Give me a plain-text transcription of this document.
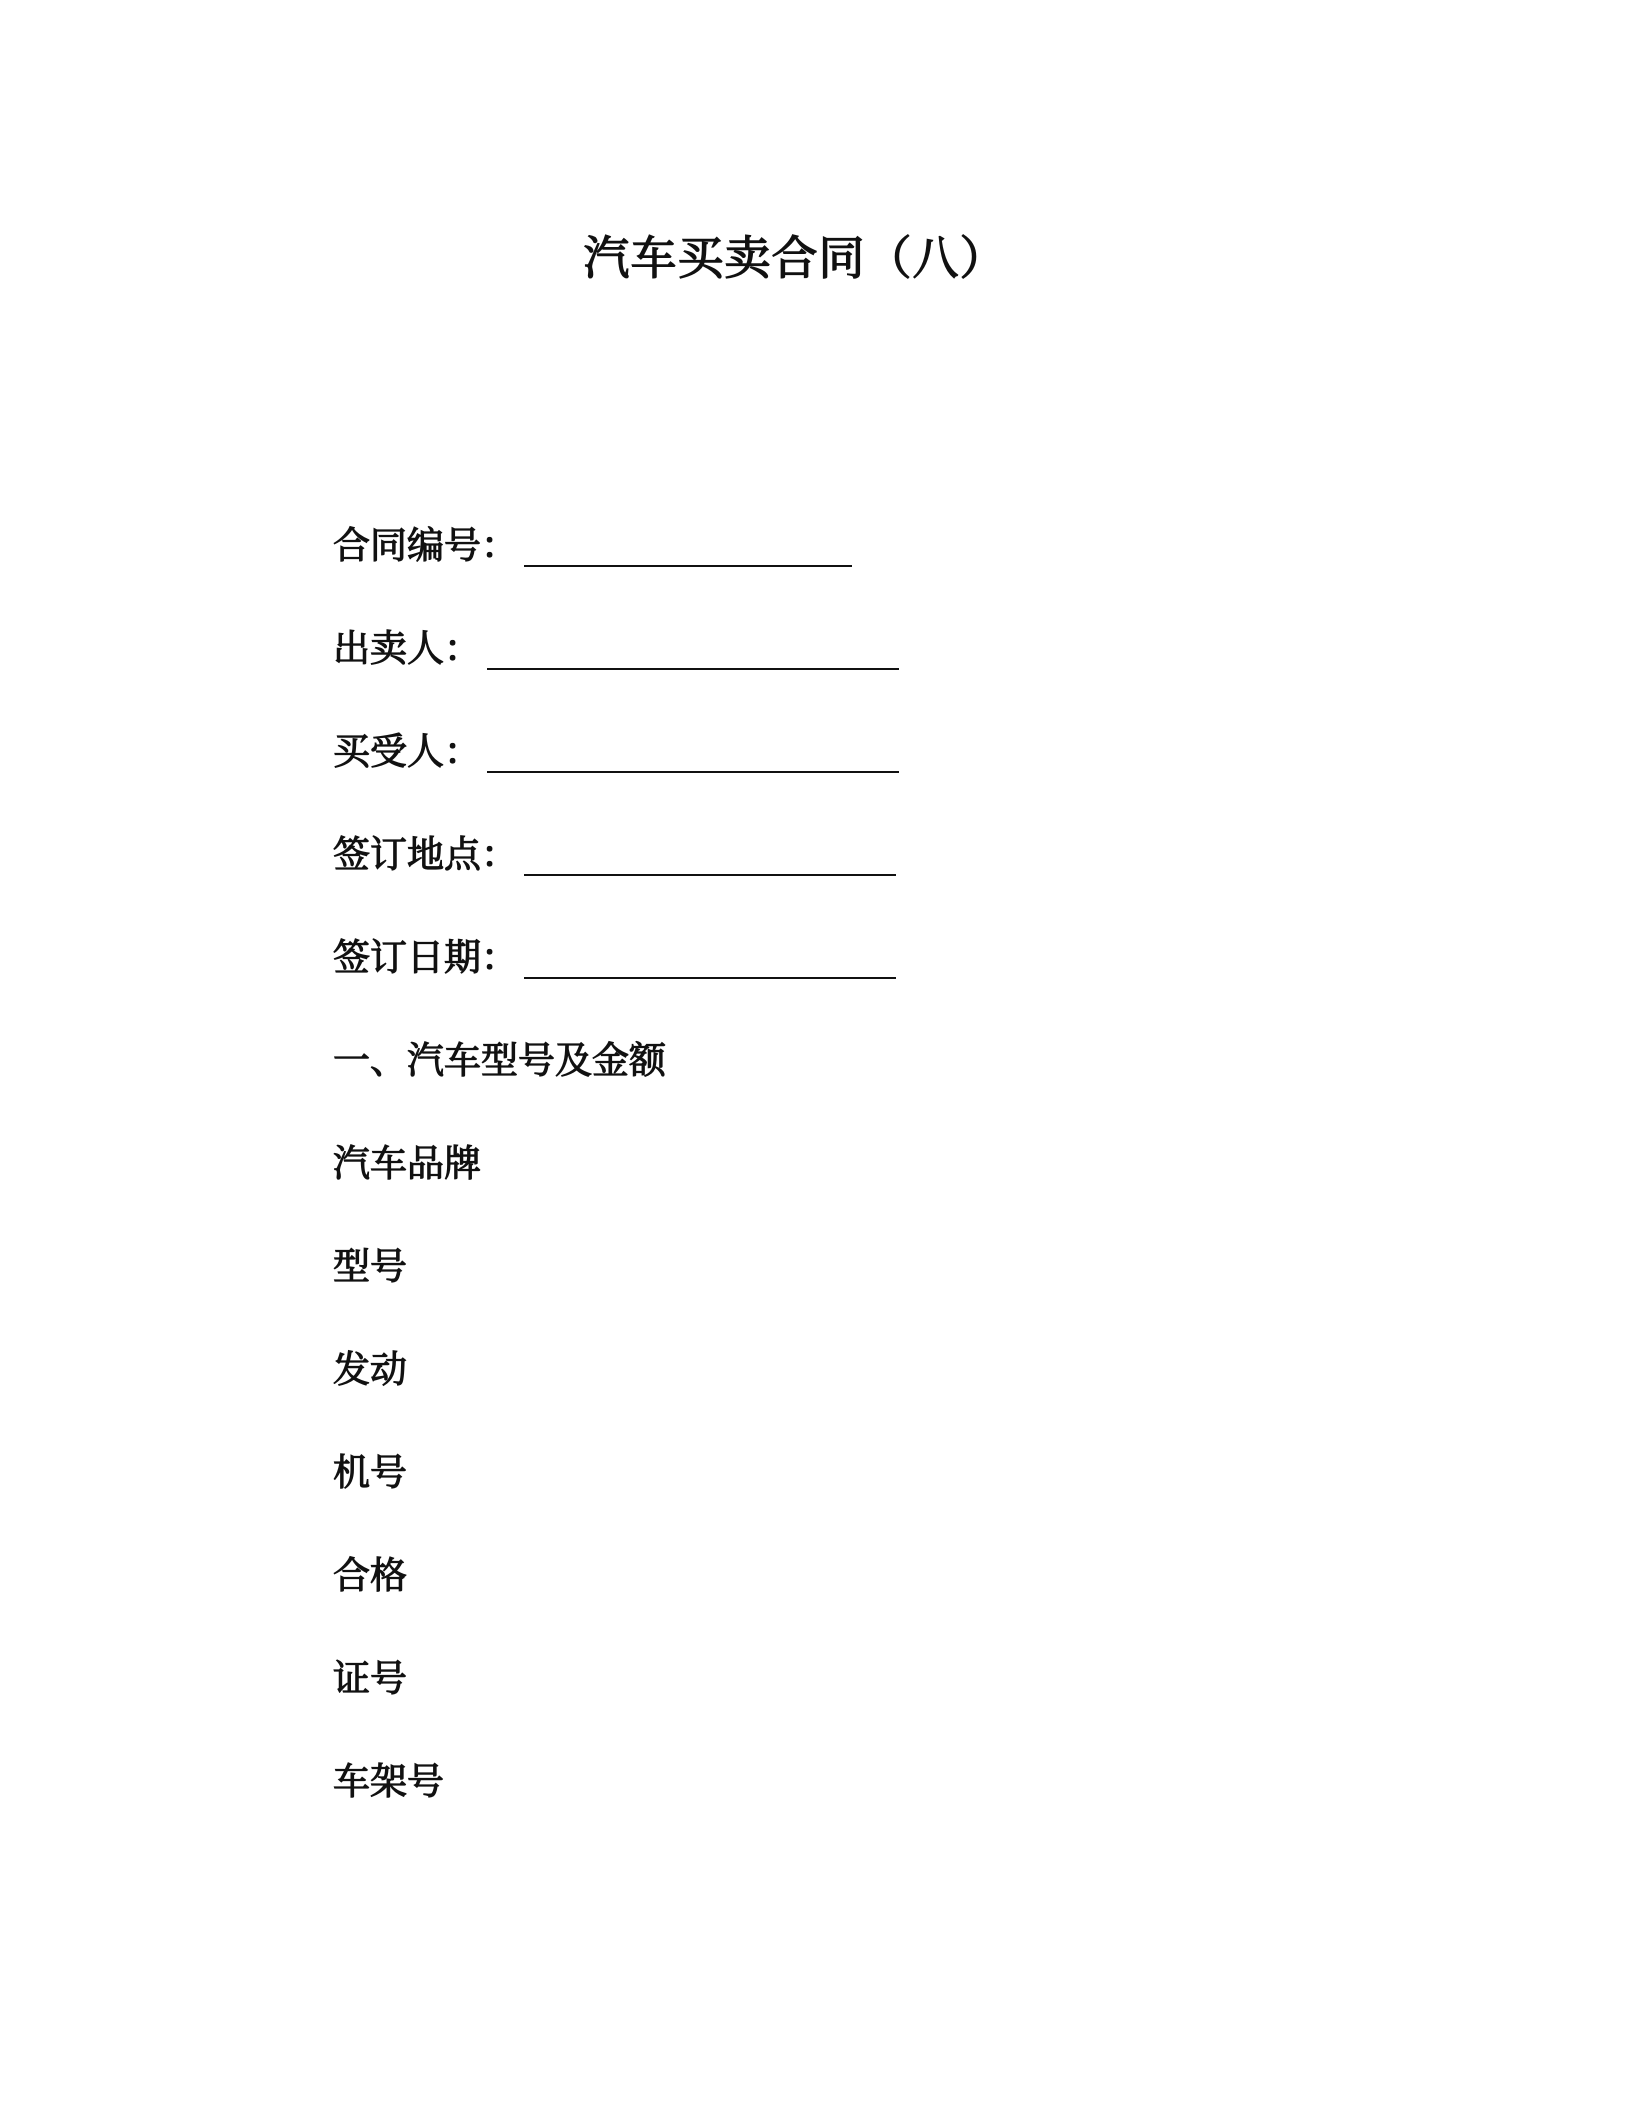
汽车买卖合同（八）
合同编号：
出卖人：
买受人：
签订地点：
签订日期：
一、汽车型号及金额
汽车品牌
型号
发动
机号
合格
证号
车架号
